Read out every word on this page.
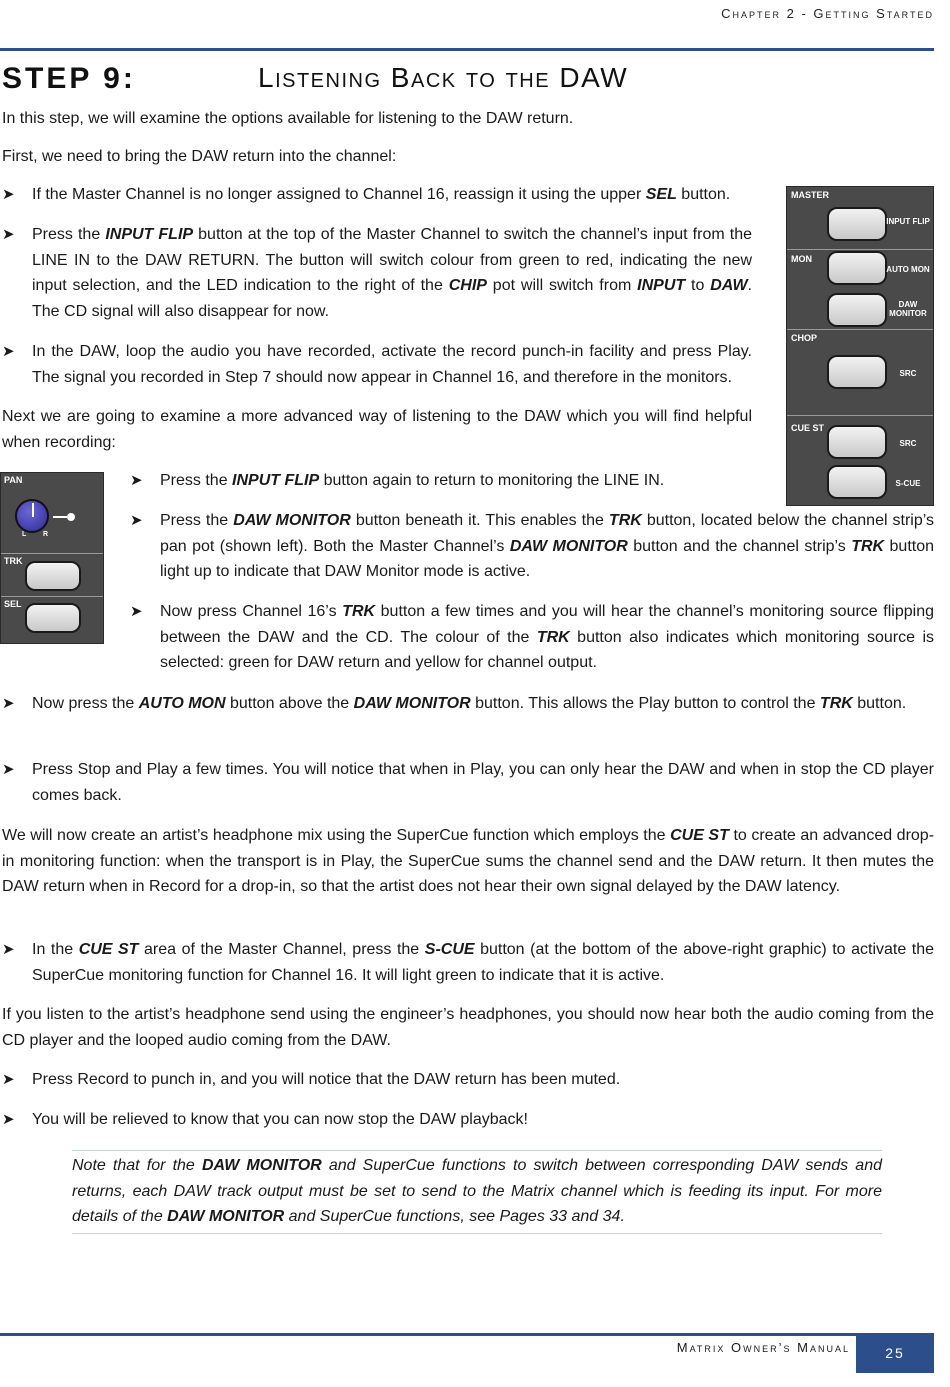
Chapter 2 - Getting Started
STEP 9:	Listening Back to the DAW
In this step, we will examine the options available for listening to the DAW return.
First, we need to bring the DAW return into the channel:
➤ If the Master Channel is no longer assigned to Channel 16, reassign it using the upper SEL button.
➤ Press the INPUT FLIP button at the top of the Master Channel to switch the channel’s input from the LINE IN to the DAW RETURN. The button will switch colour from green to red, indicating the new input selection, and the LED indication to the right of the CHIP pot will switch from INPUT to DAW. The CD signal will also disappear for now.
➤ In the DAW, loop the audio you have recorded, activate the record punch-in facility and press Play. The signal you recorded in Step 7 should now appear in Channel 16, and therefore in the monitors.
Next we are going to examine a more advanced way of listening to the DAW which you will find helpful when recording:
MASTER
INPUT FLIP
MON
AUTO MON
DAW
MONITOR
CHOP
SRC
CUE ST
SRC
S-CUE
PAN
L R
TRK
SEL
➤ Press the INPUT FLIP button again to return to monitoring the LINE IN.
➤ Press the DAW MONITOR button beneath it. This enables the TRK button, located below the channel strip’s pan pot (shown left). Both the Master Channel’s DAW MONITOR button and the channel strip’s TRK button light up to indicate that DAW Monitor mode is active.
➤ Now press Channel 16’s TRK button a few times and you will hear the channel’s monitoring source flipping between the DAW and the CD. The colour of the TRK button also indicates which monitoring source is selected: green for DAW return and yellow for channel output.
➤ Now press the AUTO MON button above the DAW MONITOR button. This allows the Play button to control the TRK button.
➤ Press Stop and Play a few times. You will notice that when in Play, you can only hear the DAW and when in stop the CD player comes back.
We will now create an artist’s headphone mix using the SuperCue function which employs the CUE ST to create an advanced drop-in monitoring function: when the transport is in Play, the SuperCue sums the channel send and the DAW return. It then mutes the DAW return when in Record for a drop-in, so that the artist does not hear their own signal delayed by the DAW latency.
➤ In the CUE ST area of the Master Channel, press the S-CUE button (at the bottom of the above-right graphic) to activate the SuperCue monitoring function for Channel 16. It will light green to indicate that it is active.
If you listen to the artist’s headphone send using the engineer’s headphones, you should now hear both the audio coming from the CD player and the looped audio coming from the DAW.
➤ Press Record to punch in, and you will notice that the DAW return has been muted.
➤ You will be relieved to know that you can now stop the DAW playback!
Note that for the DAW MONITOR and SuperCue functions to switch between corresponding DAW sends and returns, each DAW track output must be set to send to the Matrix channel which is feeding its input. For more details of the DAW MONITOR and SuperCue functions, see Pages 33 and 34.
Matrix Owner’s Manual	25
